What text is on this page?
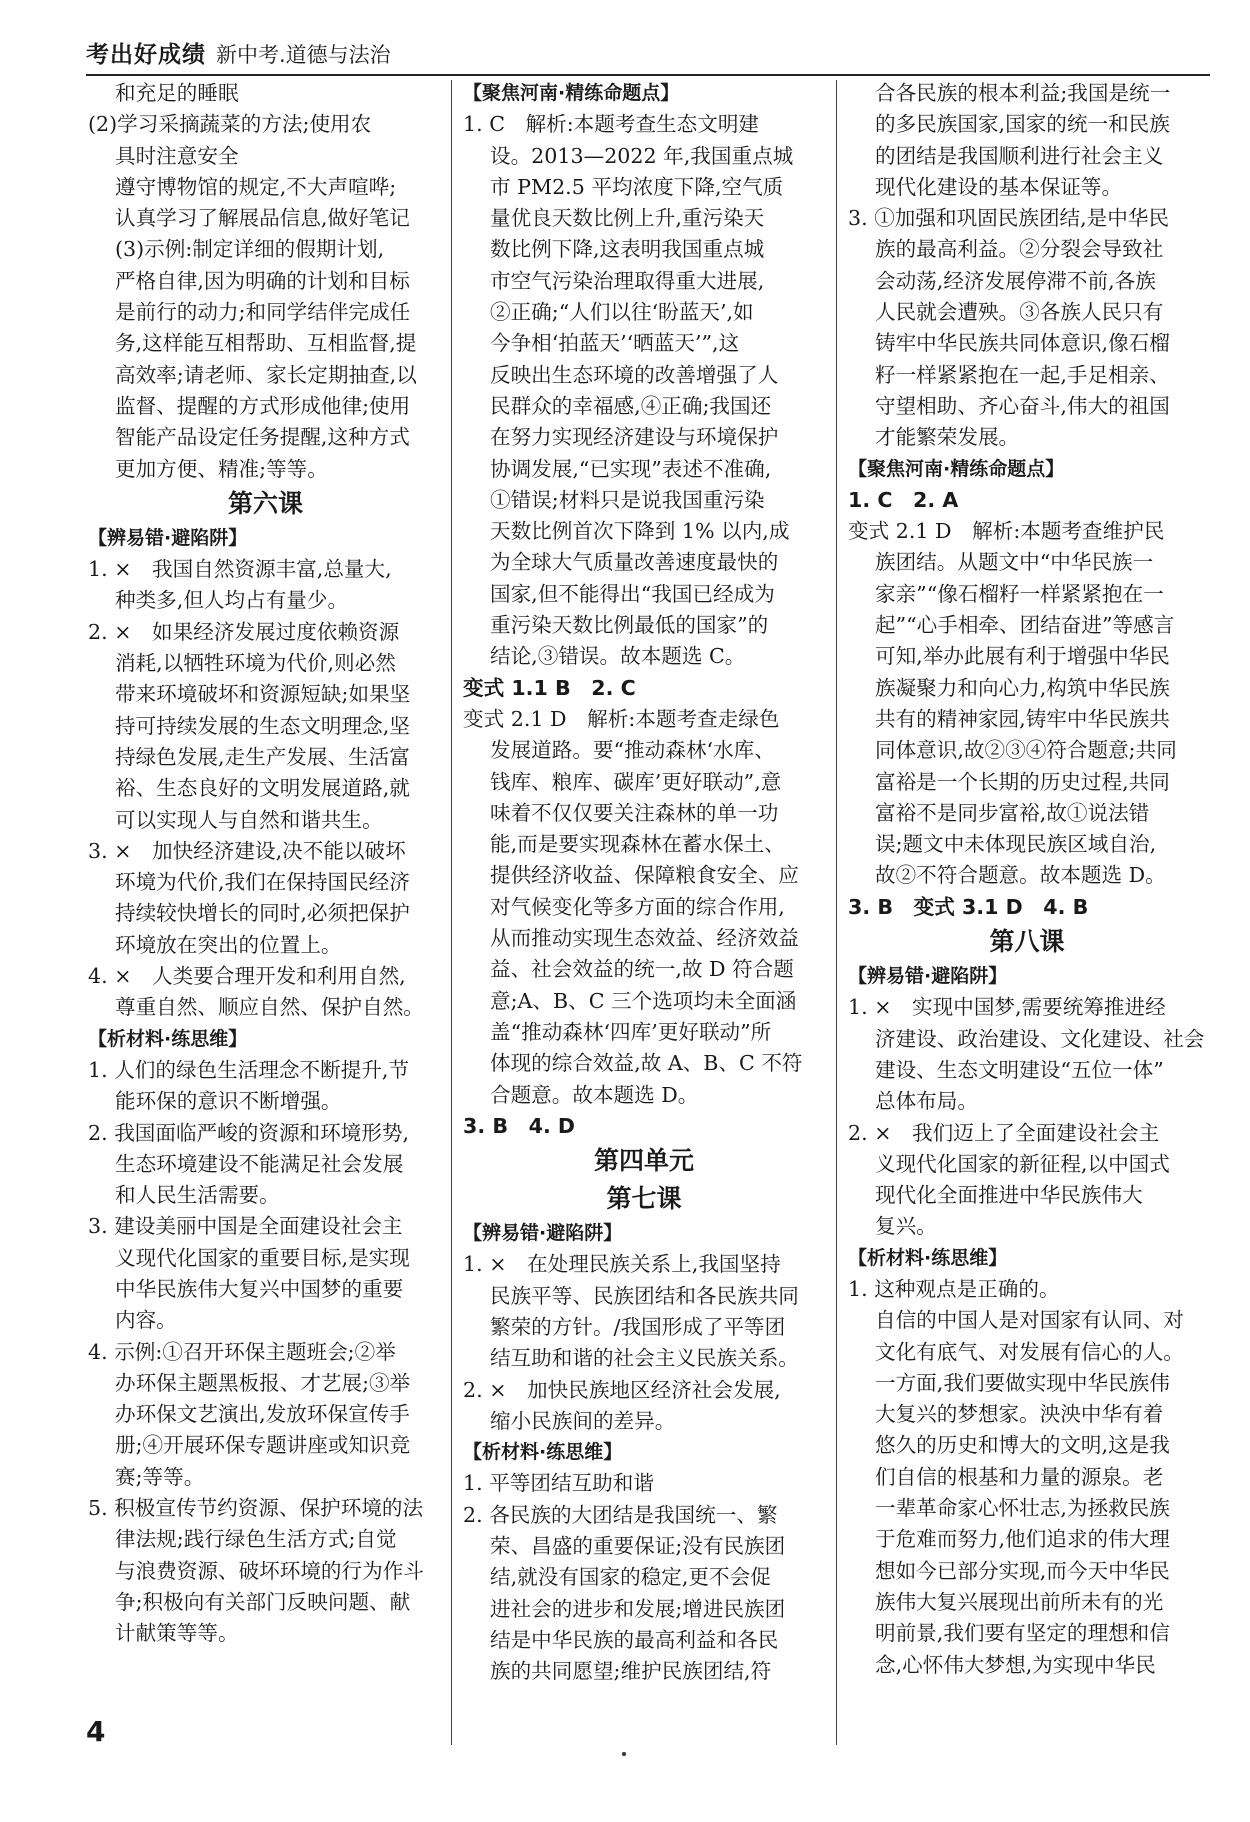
考出好成绩 新中考.道德与法治
和充足的睡眠
(2)学习采摘蔬菜的方法;使用农
具时注意安全
遵守博物馆的规定,不大声喧哗;
认真学习了解展品信息,做好笔记
(3)示例:制定详细的假期计划,
严格自律,因为明确的计划和目标
是前行的动力;和同学结伴完成任
务,这样能互相帮助、互相监督,提
高效率;请老师、家长定期抽查,以
监督、提醒的方式形成他律;使用
智能产品设定任务提醒,这种方式
更加方便、精准;等等。
第六课
【辨易错·避陷阱】
1. ×　我国自然资源丰富,总量大,
种类多,但人均占有量少。
2. ×　如果经济发展过度依赖资源
消耗,以牺牲环境为代价,则必然
带来环境破坏和资源短缺;如果坚
持可持续发展的生态文明理念,坚
持绿色发展,走生产发展、生活富
裕、生态良好的文明发展道路,就
可以实现人与自然和谐共生。
3. ×　加快经济建设,决不能以破坏
环境为代价,我们在保持国民经济
持续较快增长的同时,必须把保护
环境放在突出的位置上。
4. ×　人类要合理开发和利用自然,
尊重自然、顺应自然、保护自然。
【析材料·练思维】
1. 人们的绿色生活理念不断提升,节
能环保的意识不断增强。
2. 我国面临严峻的资源和环境形势,
生态环境建设不能满足社会发展
和人民生活需要。
3. 建设美丽中国是全面建设社会主
义现代化国家的重要目标,是实现
中华民族伟大复兴中国梦的重要
内容。
4. 示例:①召开环保主题班会;②举
办环保主题黑板报、才艺展;③举
办环保文艺演出,发放环保宣传手
册;④开展环保专题讲座或知识竞
赛;等等。
5. 积极宣传节约资源、保护环境的法
律法规;践行绿色生活方式;自觉
与浪费资源、破坏环境的行为作斗
争;积极向有关部门反映问题、献
计献策等等。
【聚焦河南·精练命题点】
1. C　解析:本题考查生态文明建
设。2013—2022 年,我国重点城
市 PM2.5 平均浓度下降,空气质
量优良天数比例上升,重污染天
数比例下降,这表明我国重点城
市空气污染治理取得重大进展,
②正确;“人们以往‘盼蓝天’,如
今争相‘拍蓝天’‘晒蓝天’”,这
反映出生态环境的改善增强了人
民群众的幸福感,④正确;我国还
在努力实现经济建设与环境保护
协调发展,“已实现”表述不准确,
①错误;材料只是说我国重污染
天数比例首次下降到 1% 以内,成
为全球大气质量改善速度最快的
国家,但不能得出“我国已经成为
重污染天数比例最低的国家”的
结论,③错误。故本题选 C。
变式 1.1 B　2. C
变式 2.1 D　解析:本题考查走绿色
发展道路。要“推动森林‘水库、
钱库、粮库、碳库’更好联动”,意
味着不仅仅要关注森林的单一功
能,而是要实现森林在蓄水保土、
提供经济收益、保障粮食安全、应
对气候变化等多方面的综合作用,
从而推动实现生态效益、经济效益
益、社会效益的统一,故 D 符合题
意;A、B、C 三个选项均未全面涵
盖“推动森林‘四库’更好联动”所
体现的综合效益,故 A、B、C 不符
合题意。故本题选 D。
3. B　4. D
第四单元
第七课
【辨易错·避陷阱】
1. ×　在处理民族关系上,我国坚持
民族平等、民族团结和各民族共同
繁荣的方针。/我国形成了平等团
结互助和谐的社会主义民族关系。
2. ×　加快民族地区经济社会发展,
缩小民族间的差异。
【析材料·练思维】
1. 平等团结互助和谐
2. 各民族的大团结是我国统一、繁
荣、昌盛的重要保证;没有民族团
结,就没有国家的稳定,更不会促
进社会的进步和发展;增进民族团
结是中华民族的最高利益和各民
族的共同愿望;维护民族团结,符
合各民族的根本利益;我国是统一
的多民族国家,国家的统一和民族
的团结是我国顺利进行社会主义
现代化建设的基本保证等。
3. ①加强和巩固民族团结,是中华民
族的最高利益。②分裂会导致社
会动荡,经济发展停滞不前,各族
人民就会遭殃。③各族人民只有
铸牢中华民族共同体意识,像石榴
籽一样紧紧抱在一起,手足相亲、
守望相助、齐心奋斗,伟大的祖国
才能繁荣发展。
【聚焦河南·精练命题点】
1. C　2. A
变式 2.1 D　解析:本题考查维护民
族团结。从题文中“中华民族一
家亲”“像石榴籽一样紧紧抱在一
起”“心手相牵、团结奋进”等感言
可知,举办此展有利于增强中华民
族凝聚力和向心力,构筑中华民族
共有的精神家园,铸牢中华民族共
同体意识,故②③④符合题意;共同
富裕是一个长期的历史过程,共同
富裕不是同步富裕,故①说法错
误;题文中未体现民族区域自治,
故②不符合题意。故本题选 D。
3. B　变式 3.1 D　4. B
第八课
【辨易错·避陷阱】
1. ×　实现中国梦,需要统筹推进经
济建设、政治建设、文化建设、社会
建设、生态文明建设“五位一体”
总体布局。
2. ×　我们迈上了全面建设社会主
义现代化国家的新征程,以中国式
现代化全面推进中华民族伟大
复兴。
【析材料·练思维】
1. 这种观点是正确的。
自信的中国人是对国家有认同、对
文化有底气、对发展有信心的人。
一方面,我们要做实现中华民族伟
大复兴的梦想家。泱泱中华有着
悠久的历史和博大的文明,这是我
们自信的根基和力量的源泉。老
一辈革命家心怀壮志,为拯救民族
于危难而努力,他们追求的伟大理
想如今已部分实现,而今天中华民
族伟大复兴展现出前所未有的光
明前景,我们要有坚定的理想和信
念,心怀伟大梦想,为实现中华民
4
